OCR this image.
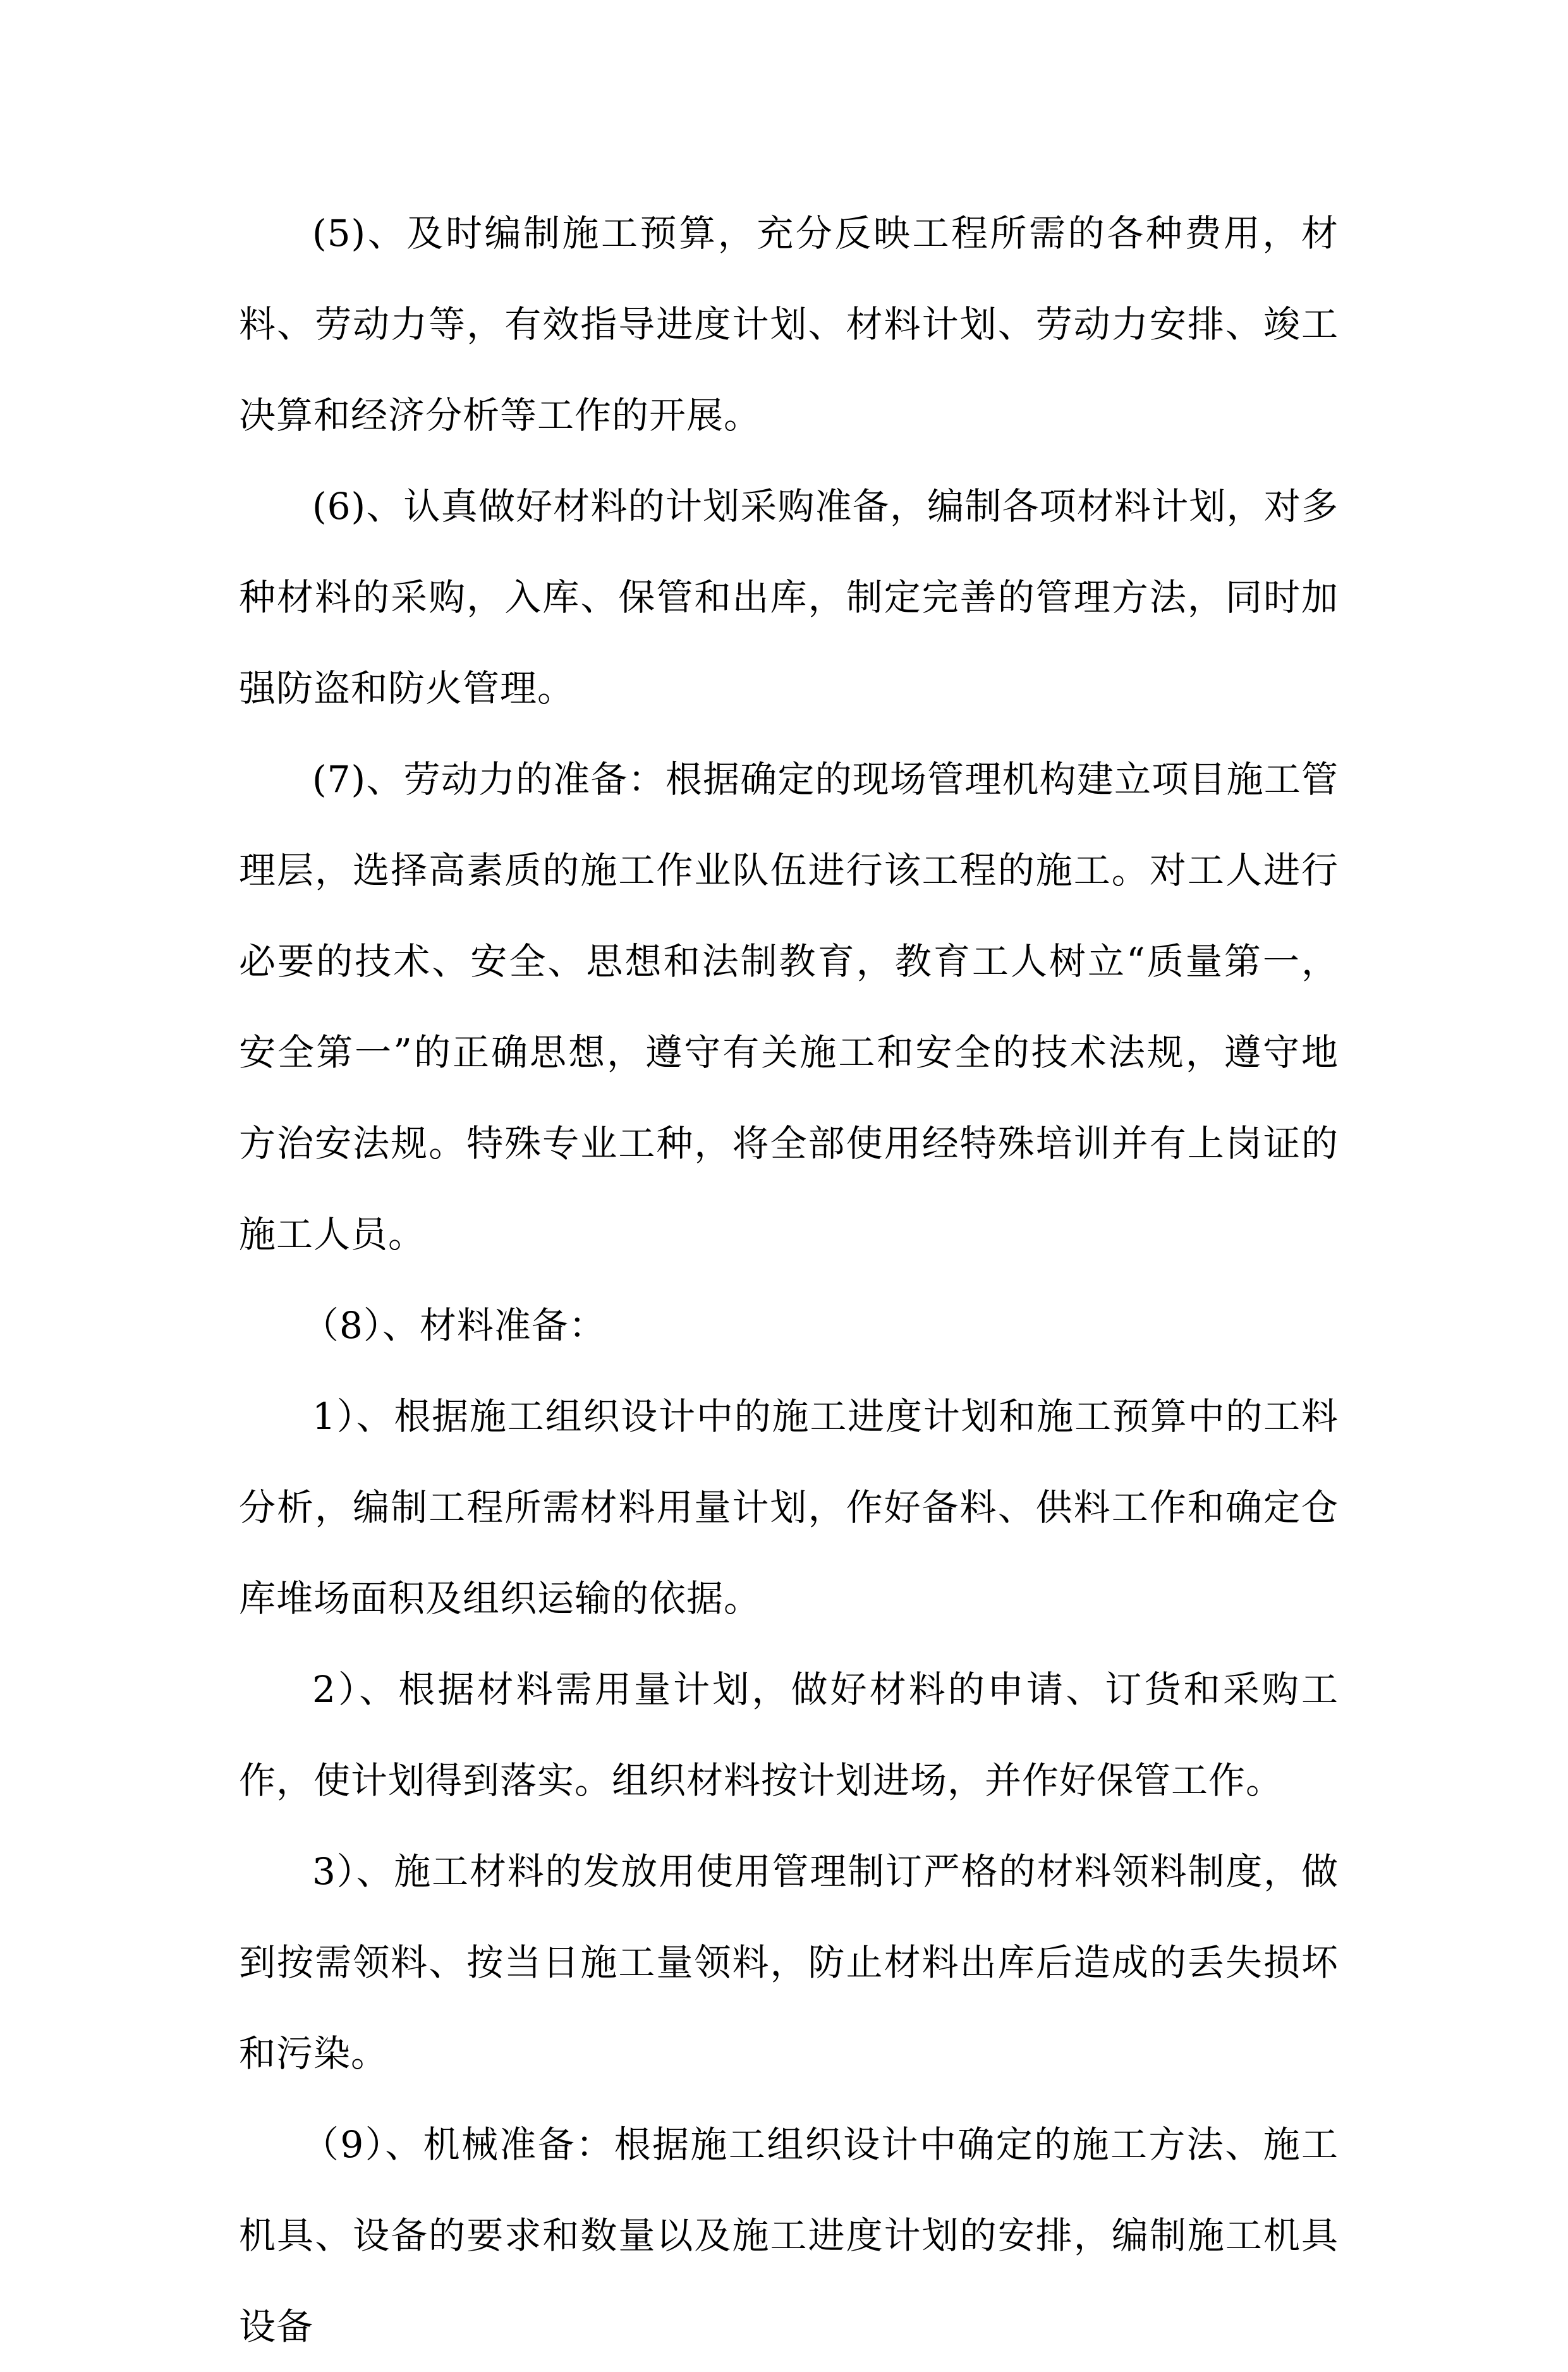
(5)、及时编制施工预算，充分反映工程所需的各种费用，材料、劳动力等，有效指导进度计划、材料计划、劳动力安排、竣工决算和经济分析等工作的开展。

(6)、认真做好材料的计划采购准备，编制各项材料计划，对多种材料的采购，入库、保管和出库，制定完善的管理方法，同时加强防盗和防火管理。

(7)、劳动力的准备：根据确定的现场管理机构建立项目施工管理层，选择高素质的施工作业队伍进行该工程的施工。对工人进行必要的技术、安全、思想和法制教育，教育工人树立“质量第一，安全第一”的正确思想，遵守有关施工和安全的技术法规，遵守地方治安法规。特殊专业工种，将全部使用经特殊培训并有上岗证的施工人员。

（8）、材料准备：

1）、根据施工组织设计中的施工进度计划和施工预算中的工料分析，编制工程所需材料用量计划，作好备料、供料工作和确定仓库堆场面积及组织运输的依据。

2）、根据材料需用量计划，做好材料的申请、订货和采购工作，使计划得到落实。组织材料按计划进场，并作好保管工作。

3）、施工材料的发放用使用管理制订严格的材料领料制度，做到按需领料、按当日施工量领料，防止材料出库后造成的丢失损坏和污染。

（9）、机械准备：根据施工组织设计中确定的施工方法、施工机具、设备的要求和数量以及施工进度计划的安排，编制施工机具设备
